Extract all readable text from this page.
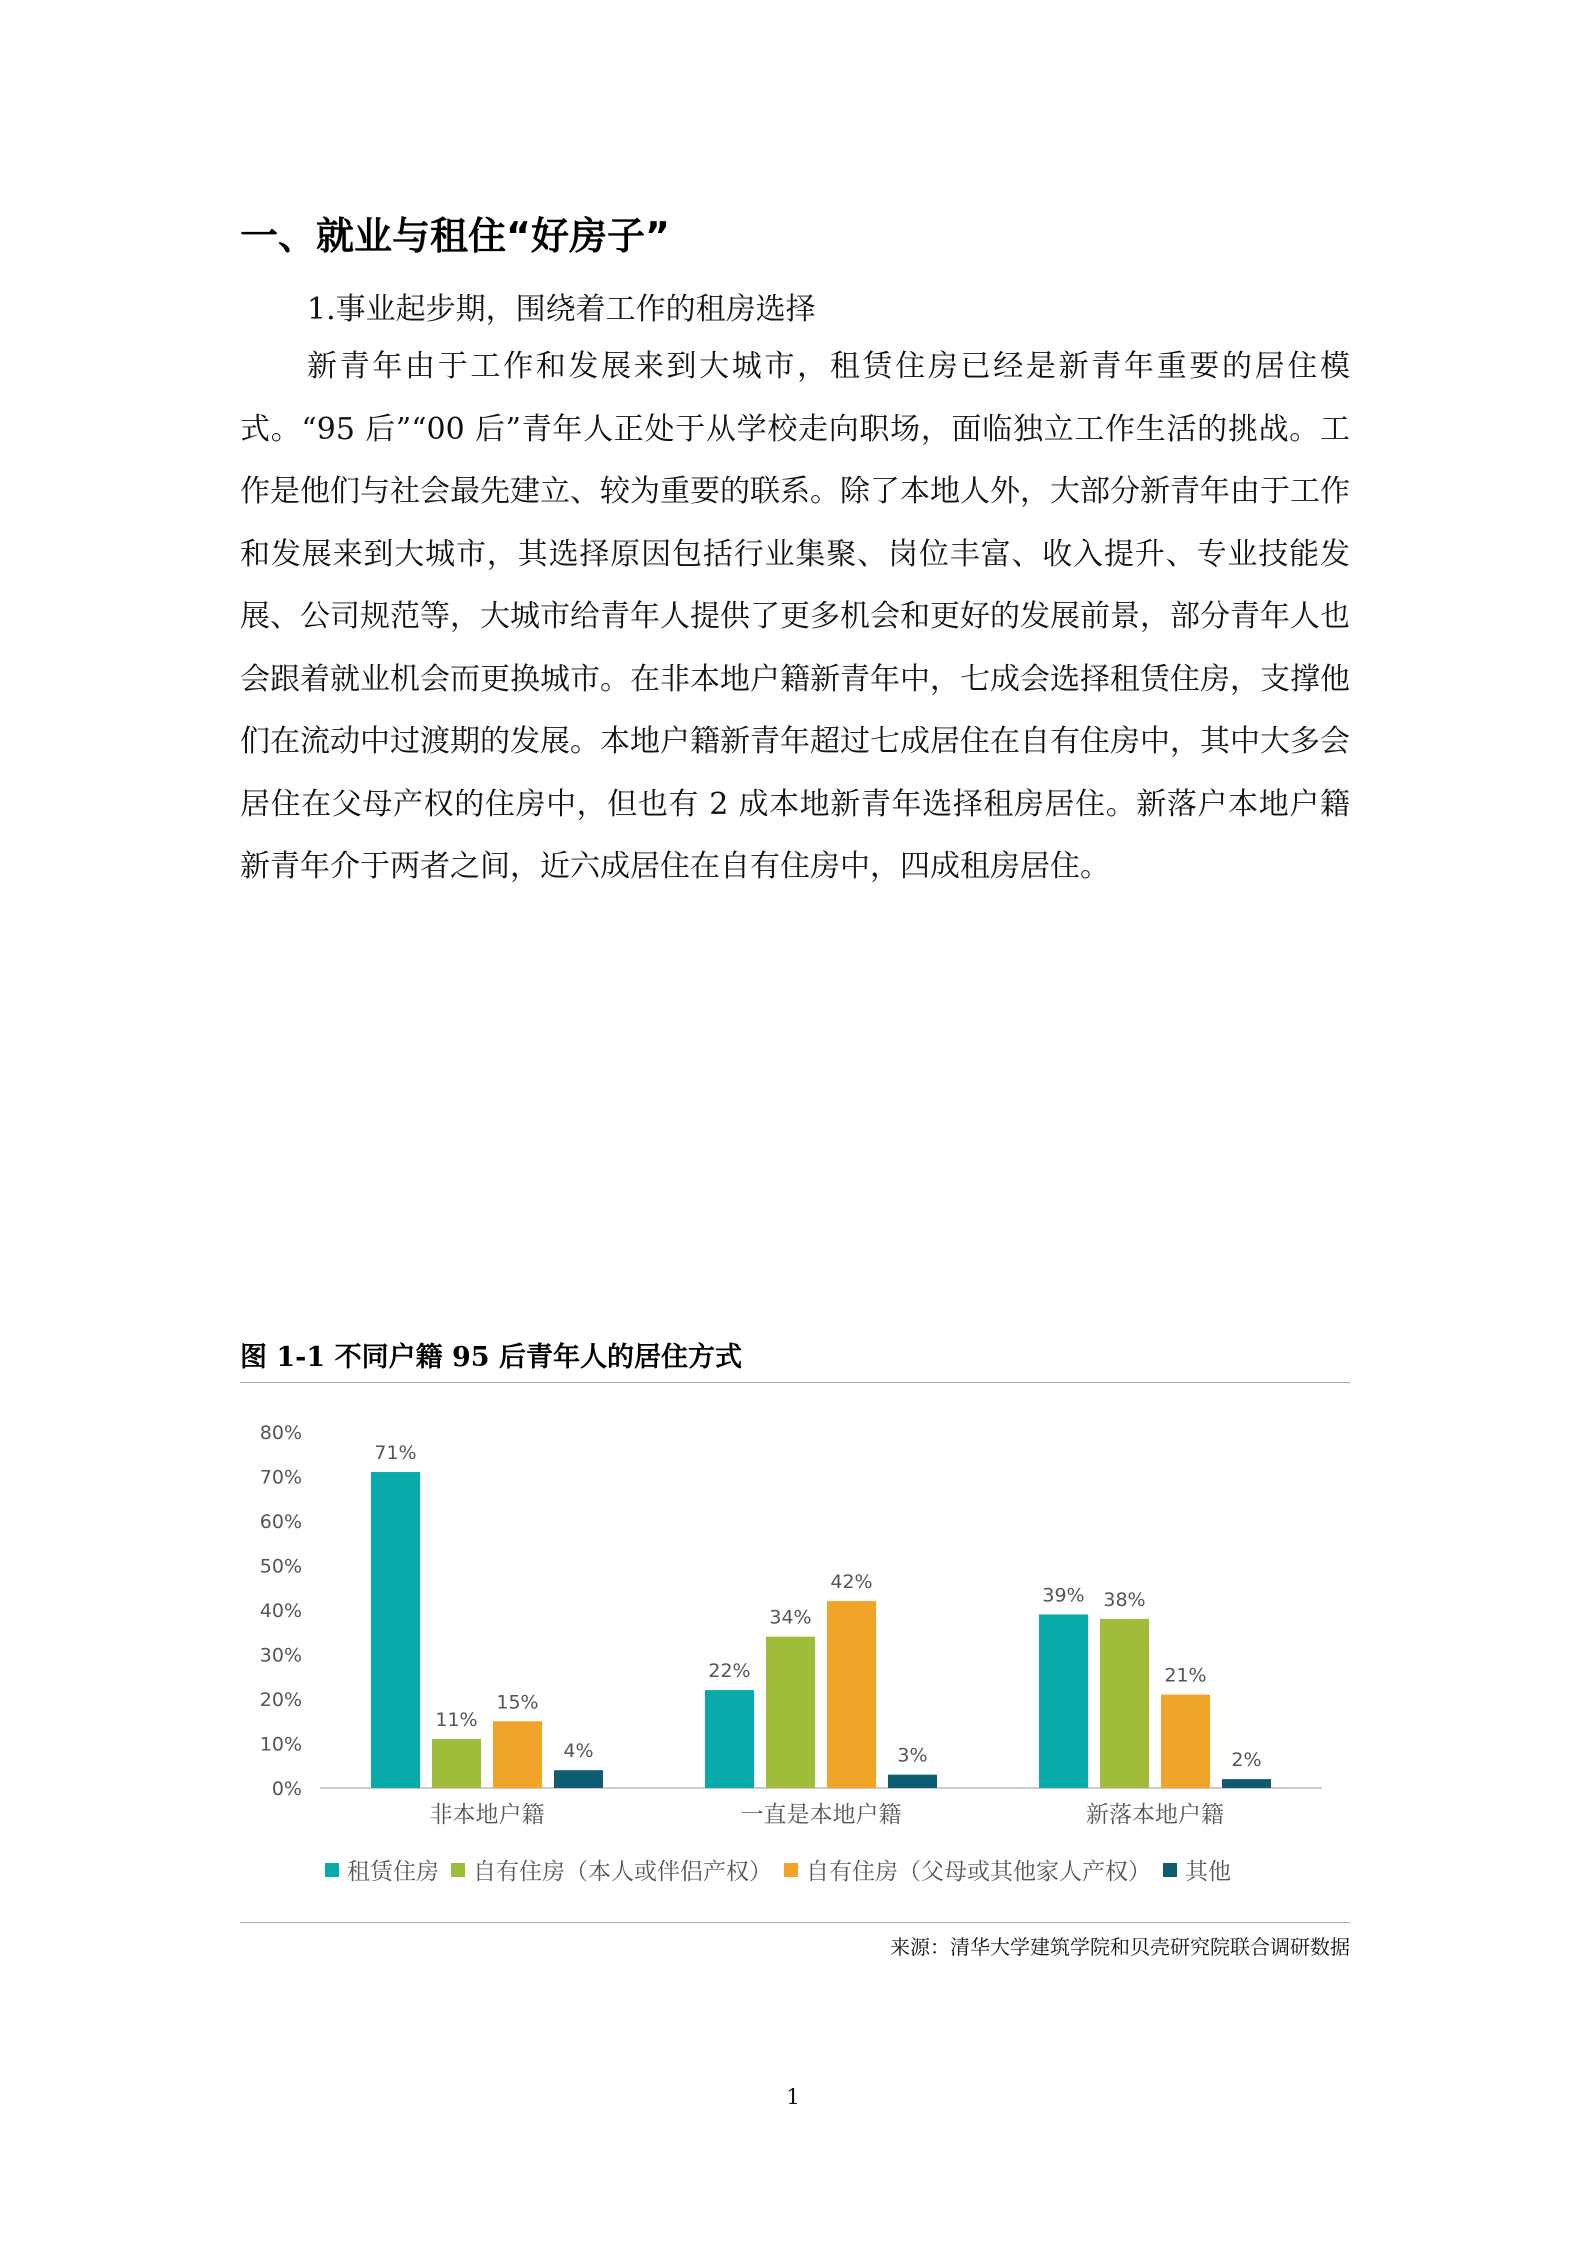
一、就业与租住“好房子”
1.事业起步期，围绕着工作的租房选择

新青年由于工作和发展来到大城市，租赁住房已经是新青年重要的居住模式。“95 后”“00 后”青年人正处于从学校走向职场，面临独立工作生活的挑战。工作是他们与社会最先建立、较为重要的联系。除了本地人外，大部分新青年由于工作和发展来到大城市，其选择原因包括行业集聚、岗位丰富、收入提升、专业技能发展、公司规范等，大城市给青年人提供了更多机会和更好的发展前景，部分青年人也会跟着就业机会而更换城市。在非本地户籍新青年中，七成会选择租赁住房，支撑他们在流动中过渡期的发展。本地户籍新青年超过七成居住在自有住房中，其中大多会居住在父母产权的住房中，但也有 2 成本地新青年选择租房居住。新落户本地户籍新青年介于两者之间，近六成居住在自有住房中，四成租房居住。

图 1-1 不同户籍 95 后青年人的居住方式
0%
10%
20%
30%
40%
50%
60%
70%
80%
71%
11%
15%
4%
非本地户籍
22%
34%
42%
3%
一直是本地户籍
39% 38%
21%
2%
新落本地户籍
租赁住房 自有住房（本人或伴侣产权） 自有住房（父母或其他家人产权） 其他
来源：清华大学建筑学院和贝壳研究院联合调研数据
1
